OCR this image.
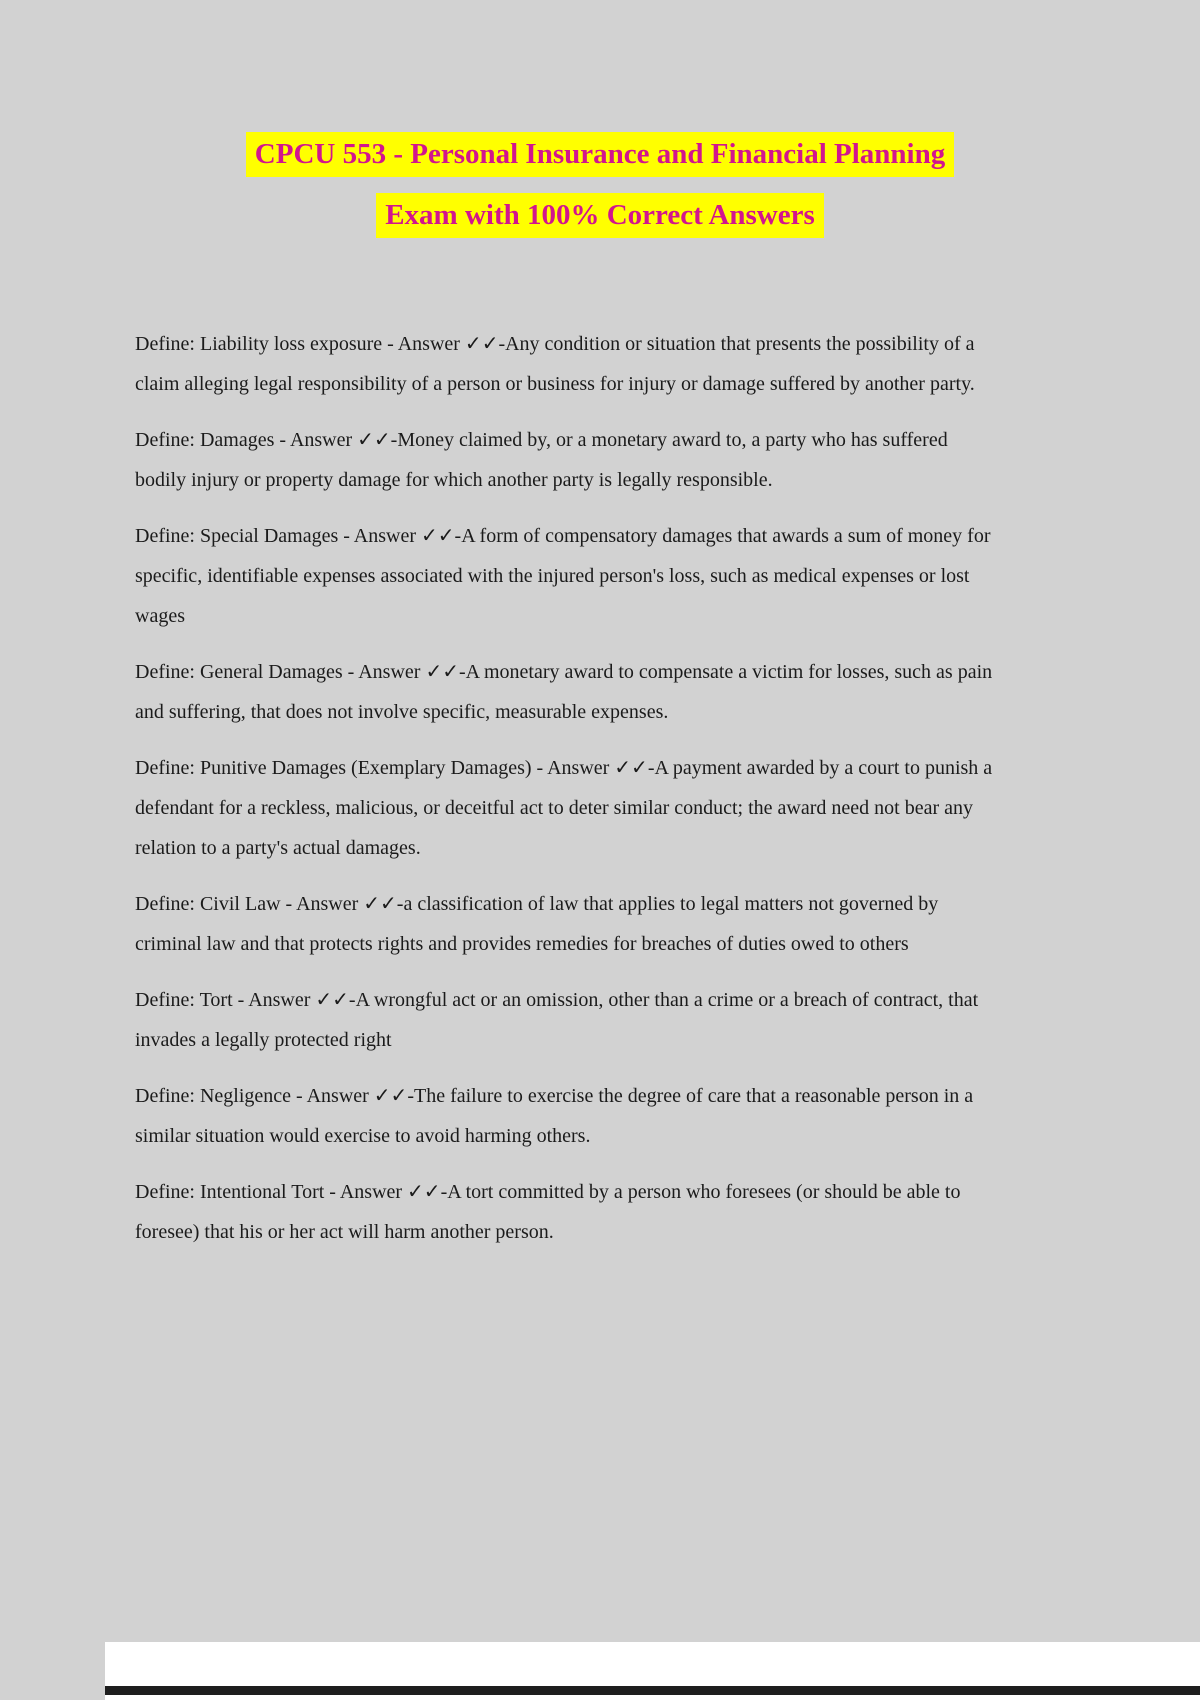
CPCU 553 - Personal Insurance and Financial Planning
Exam with 100% Correct Answers

Define: Liability loss exposure - Answer ✓✓-Any condition or situation that presents the possibility of a claim alleging legal responsibility of a person or business for injury or damage suffered by another party.

Define: Damages - Answer ✓✓-Money claimed by, or a monetary award to, a party who has suffered bodily injury or property damage for which another party is legally responsible.

Define: Special Damages - Answer ✓✓-A form of compensatory damages that awards a sum of money for specific, identifiable expenses associated with the injured person's loss, such as medical expenses or lost wages

Define: General Damages - Answer ✓✓-A monetary award to compensate a victim for losses, such as pain and suffering, that does not involve specific, measurable expenses.

Define: Punitive Damages (Exemplary Damages) - Answer ✓✓-A payment awarded by a court to punish a defendant for a reckless, malicious, or deceitful act to deter similar conduct; the award need not bear any relation to a party's actual damages.

Define: Civil Law - Answer ✓✓-a classification of law that applies to legal matters not governed by criminal law and that protects rights and provides remedies for breaches of duties owed to others

Define: Tort - Answer ✓✓-A wrongful act or an omission, other than a crime or a breach of contract, that invades a legally protected right

Define: Negligence - Answer ✓✓-The failure to exercise the degree of care that a reasonable person in a similar situation would exercise to avoid harming others.

Define: Intentional Tort - Answer ✓✓-A tort committed by a person who foresees (or should be able to foresee) that his or her act will harm another person.
